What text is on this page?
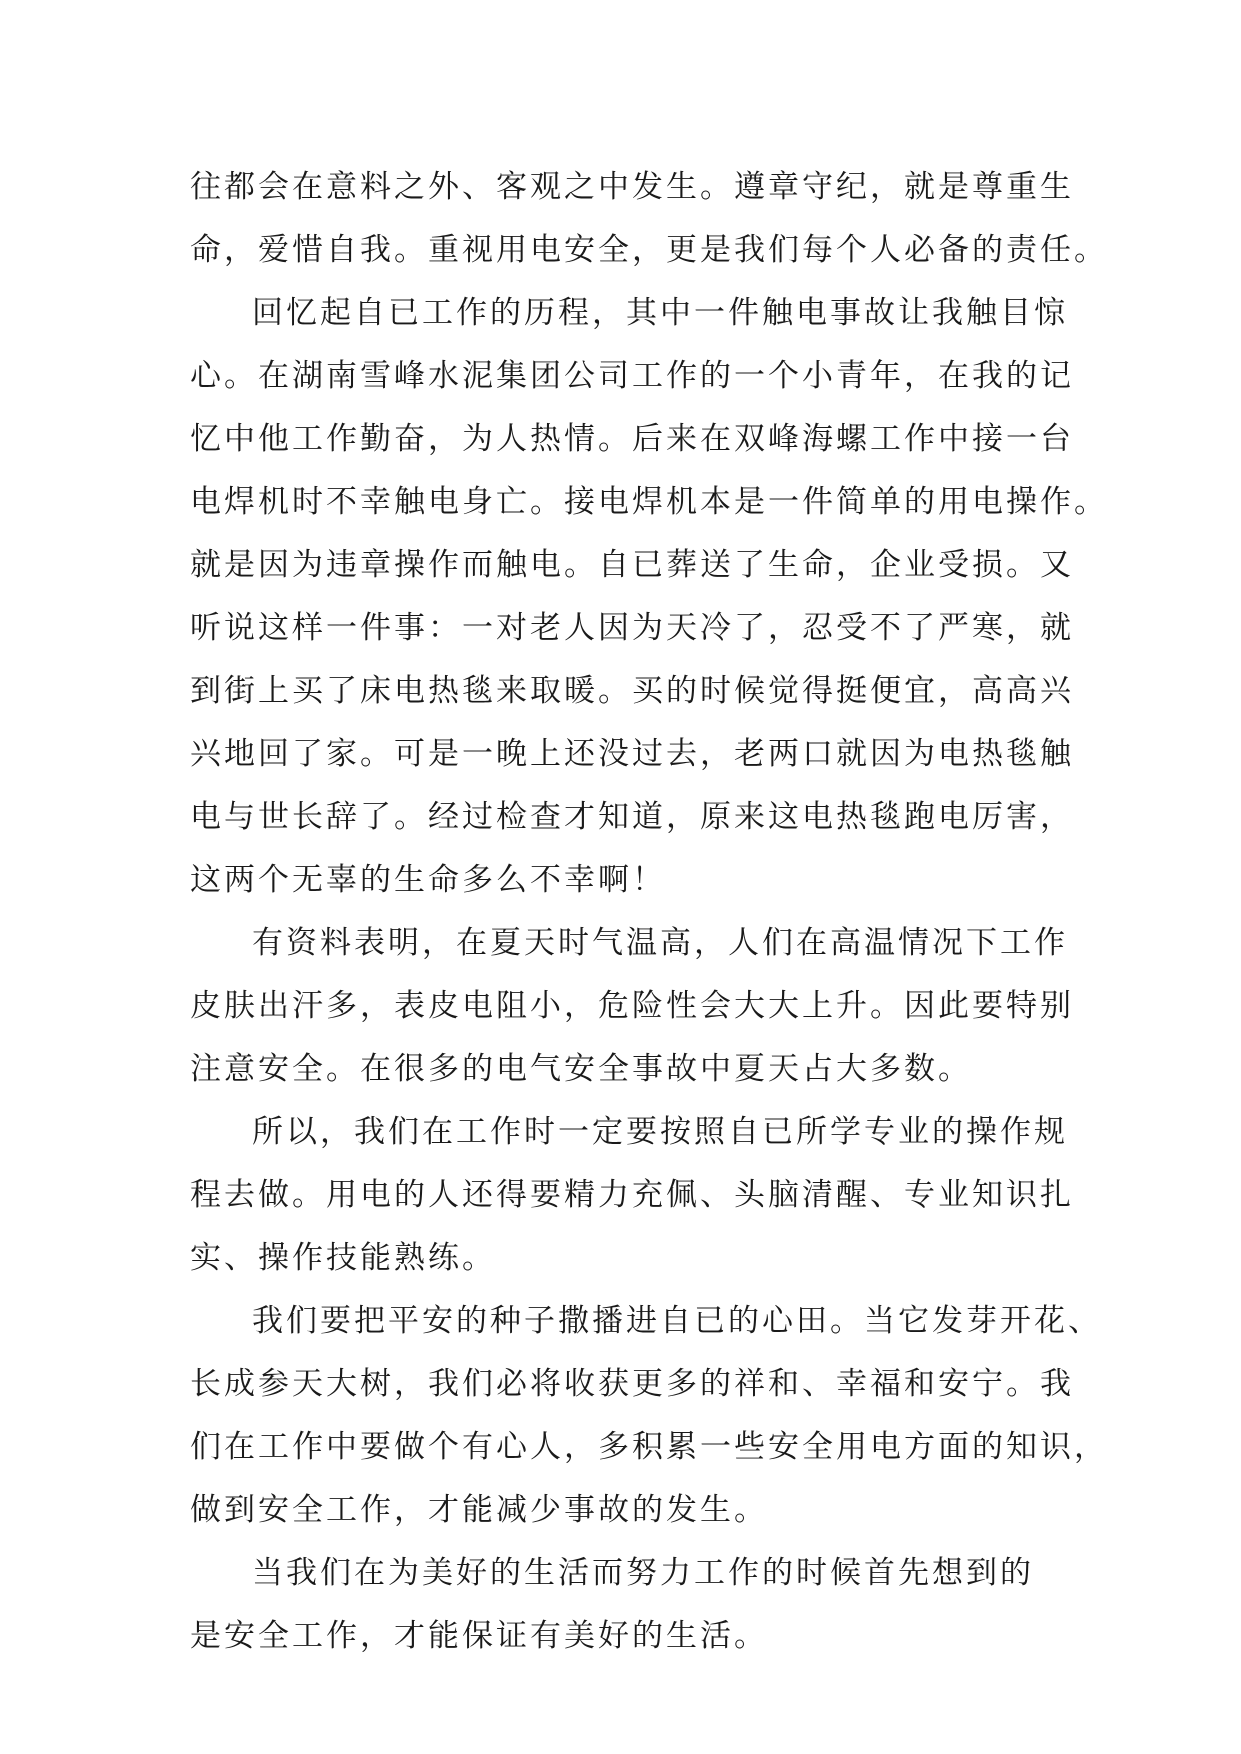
往都会在意料之外、客观之中发生。遵章守纪，就是尊重生
命，爱惜自我。重视用电安全，更是我们每个人必备的责任。
回忆起自已工作的历程，其中一件触电事故让我触目惊
心。在湖南雪峰水泥集团公司工作的一个小青年，在我的记
忆中他工作勤奋，为人热情。后来在双峰海螺工作中接一台
电焊机时不幸触电身亡。接电焊机本是一件简单的用电操作。
就是因为违章操作而触电。自已葬送了生命，企业受损。又
听说这样一件事：一对老人因为天冷了，忍受不了严寒，就
到街上买了床电热毯来取暖。买的时候觉得挺便宜，高高兴
兴地回了家。可是一晚上还没过去，老两口就因为电热毯触
电与世长辞了。经过检查才知道，原来这电热毯跑电厉害，
这两个无辜的生命多么不幸啊！
有资料表明，在夏天时气温高，人们在高温情况下工作
皮肤出汗多，表皮电阻小，危险性会大大上升。因此要特别
注意安全。在很多的电气安全事故中夏天占大多数。
所以，我们在工作时一定要按照自已所学专业的操作规
程去做。用电的人还得要精力充佩、头脑清醒、专业知识扎
实、操作技能熟练。
我们要把平安的种子撒播进自已的心田。当它发芽开花、
长成参天大树，我们必将收获更多的祥和、幸福和安宁。我
们在工作中要做个有心人，多积累一些安全用电方面的知识，
做到安全工作，才能减少事故的发生。
当我们在为美好的生活而努力工作的时候首先想到的
是安全工作，才能保证有美好的生活。
